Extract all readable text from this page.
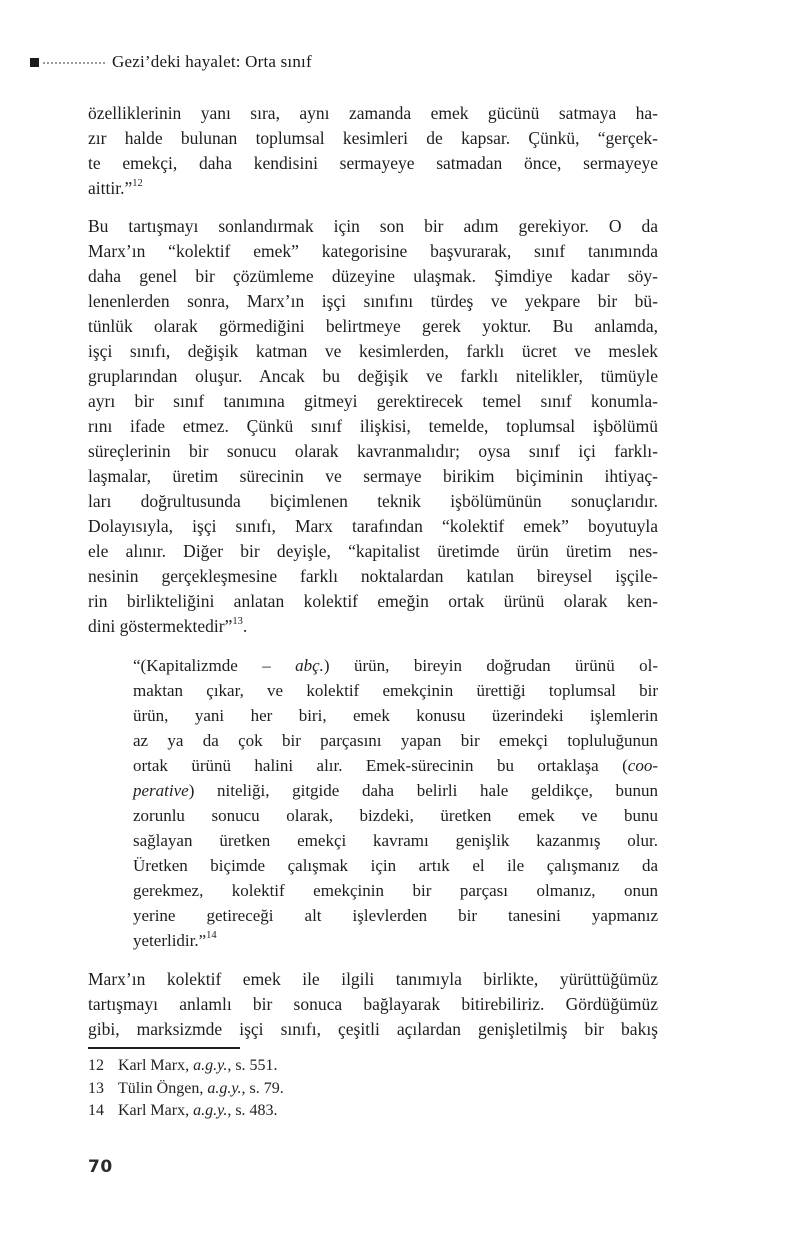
Gezi’deki hayalet: Orta sınıf
özelliklerinin yanı sıra, aynı zamanda emek gücünü satmaya ha-
zır halde bulunan toplumsal kesimleri de kapsar. Çünkü, “gerçek-
te emekçi, daha kendisini sermayeye satmadan önce, sermayeye
aittir.”$^{12}$
Bu tartışmayı sonlandırmak için son bir adım gerekiyor. O da
Marx’ın “kolektif emek” kategorisine başvurarak, sınıf tanımında
daha genel bir çözümleme düzeyine ulaşmak. Şimdiye kadar söy-
lenenlerden sonra, Marx’ın işçi sınıfını türdeş ve yekpare bir bü-
tünlük olarak görmediğini belirtmeye gerek yoktur. Bu anlamda,
işçi sınıfı, değişik katman ve kesimlerden, farklı ücret ve meslek
gruplarından oluşur. Ancak bu değişik ve farklı nitelikler, tümüyle
ayrı bir sınıf tanımına gitmeyi gerektirecek temel sınıf konumla-
rını ifade etmez. Çünkü sınıf ilişkisi, temelde, toplumsal işbölümü
süreçlerinin bir sonucu olarak kavranmalıdır; oysa sınıf içi farklı-
laşmalar, üretim sürecinin ve sermaye birikim biçiminin ihtiyaç-
ları doğrultusunda biçimlenen teknik işbölümünün sonuçlarıdır.
Dolayısıyla, işçi sınıfı, Marx tarafından “kolektif emek” boyutuyla
ele alınır. Diğer bir deyişle, “kapitalist üretimde ürün üretim nes-
nesinin gerçekleşmesine farklı noktalardan katılan bireysel işçile-
rin birlikteliğini anlatan kolektif emeğin ortak ürünü olarak ken-
dini göstermektedir”$^{13}$.
“(Kapitalizmde – abç.) ürün, bireyin doğrudan ürünü ol-
maktan çıkar, ve kolektif emekçinin ürettiği toplumsal bir
ürün, yani her biri, emek konusu üzerindeki işlemlerin
az ya da çok bir parçasını yapan bir emekçi topluluğunun
ortak ürünü halini alır. Emek-sürecinin bu ortaklaşa (coo-
perative) niteliği, gitgide daha belirli hale geldikçe, bunun
zorunlu sonucu olarak, bizdeki, üretken emek ve bunu
sağlayan üretken emekçi kavramı genişlik kazanmış olur.
Üretken biçimde çalışmak için artık el ile çalışmanız da
gerekmez, kolektif emekçinin bir parçası olmanız, onun
yerine getireceği alt işlevlerden bir tanesini yapmanız
yeterlidir.”$^{14}$
Marx’ın kolektif emek ile ilgili tanımıyla birlikte, yürüttüğümüz
tartışmayı anlamlı bir sonuca bağlayarak bitirebiliriz. Gördüğümüz
gibi, marksizmde işçi sınıfı, çeşitli açılardan genişletilmiş bir bakış
12 Karl Marx, a.g.y., s. 551.
13 Tülin Öngen, a.g.y., s. 79.
14 Karl Marx, a.g.y., s. 483.
70
